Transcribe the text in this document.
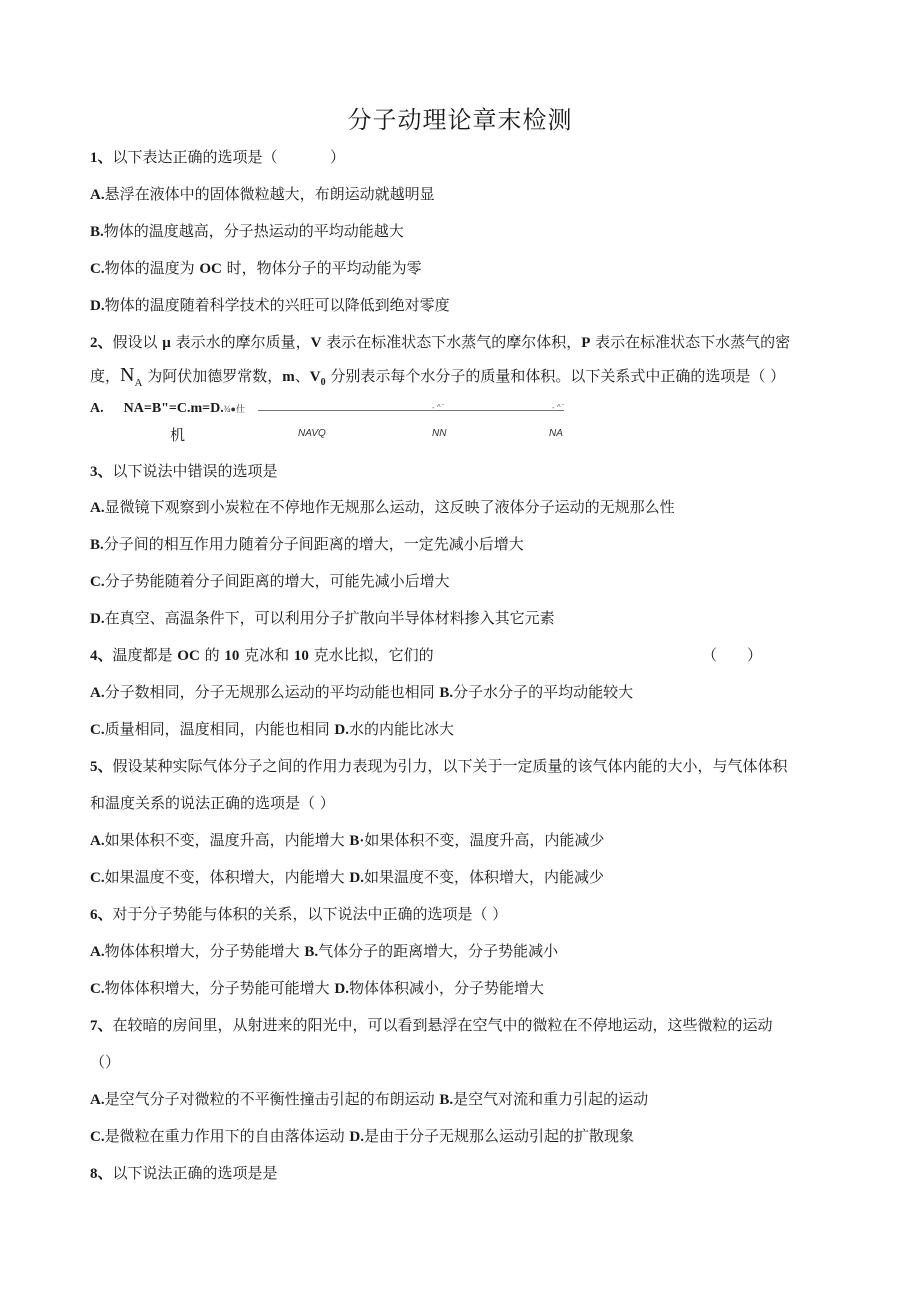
分子动理论章末检测
1、以下表达正确的选项是（	）
A.悬浮在液体中的固体微粒越大，布朗运动就越明显
B.物体的温度越高，分子热运动的平均动能越大
C.物体的温度为 OC 时，物体分子的平均动能为零
D.物体的温度随着科学技术的兴旺可以降低到绝对零度
2、假设以 μ 表示水的摩尔质量，V 表示在标准状态下水蒸气的摩尔体积，P 表示在标准状态下水蒸气的密
度，$N_A$ 为阿伏加德罗常数，m、$V_0$ 分别表示每个水分子的质量和体积。以下关系式中正确的选项是（ ）
A. NA=B"=C.m=D.¾●仕	- ^ ̄	- ^ ̄
机	NAVQ	NN	NA
3、以下说法中错误的选项是
A.显微镜下观察到小炭粒在不停地作无规那么运动，这反映了液体分子运动的无规那么性
B.分子间的相互作用力随着分子间距离的增大，一定先减小后增大
C.分子势能随着分子间距离的增大，可能先减小后增大
D.在真空、高温条件下，可以利用分子扩散向半导体材料掺入其它元素
4、温度都是 OC 的 10 克冰和 10 克水比拟，它们的	（　　）
A.分子数相同，分子无规那么运动的平均动能也相同 B.分子水分子的平均动能较大
C.质量相同，温度相同，内能也相同 D.水的内能比冰大
5、假设某种实际气体分子之间的作用力表现为引力，以下关于一定质量的该气体内能的大小，与气体体积
和温度关系的说法正确的选项是（ ）
A.如果体积不变，温度升高，内能增大 B·如果体积不变，温度升高，内能减少
C.如果温度不变，体积增大，内能增大 D.如果温度不变，体积增大，内能减少
6、对于分子势能与体积的关系，以下说法中正确的选项是（ ）
A.物体体积增大，分子势能增大 B.气体分子的距离增大，分子势能减小
C.物体体积增大，分子势能可能增大 D.物体体积减小，分子势能增大
7、在较暗的房间里，从射进来的阳光中，可以看到悬浮在空气中的微粒在不停地运动，这些微粒的运动
（）
A.是空气分子对微粒的不平衡性撞击引起的布朗运动 B.是空气对流和重力引起的运动
C.是微粒在重力作用下的自由落体运动 D.是由于分子无规那么运动引起的扩散现象
8、以下说法正确的选项是是
